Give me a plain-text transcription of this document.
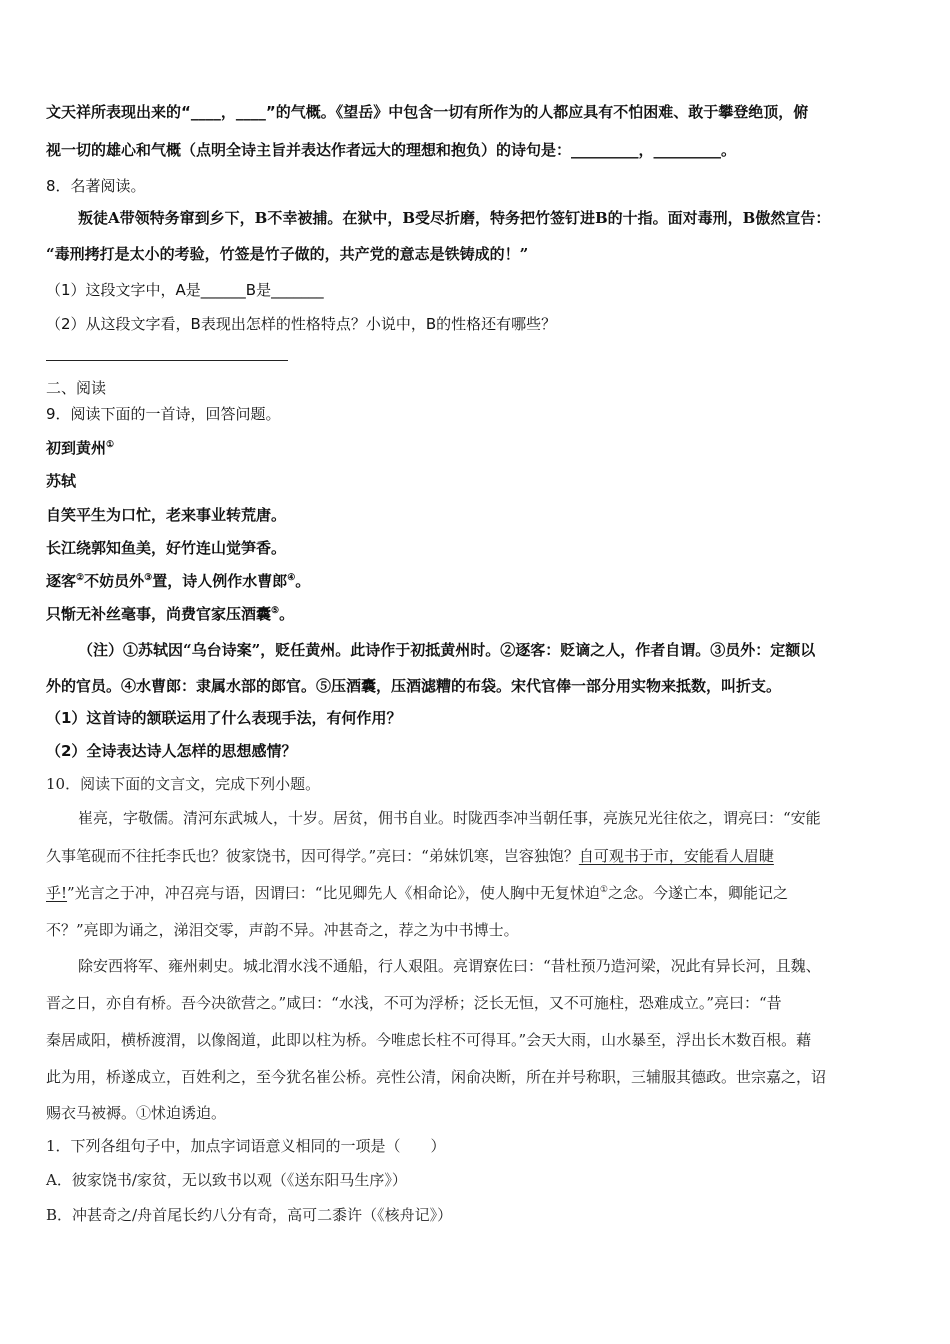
文天祥所表现出来的“____，____”的气概。《望岳》中包含一切有所作为的人都应具有不怕困难、敢于攀登绝顶，俯
视一切的雄心和气概（点明全诗主旨并表达作者远大的理想和抱负）的诗句是：_________，_________。
8．名著阅读。
叛徒A带领特务窜到乡下，B不幸被捕。在狱中，B受尽折磨，特务把竹签钉进B的十指。面对毒刑，B傲然宣告：
“毒刑拷打是太小的考验，竹签是竹子做的，共产党的意志是铁铸成的！”
（1）这段文字中，A是______B是_______
（2）从这段文字看，B表现出怎样的性格特点？小说中，B的性格还有哪些？
二、阅读
9．阅读下面的一首诗，回答问题。
初到黄州①
苏轼
自笑平生为口忙，老来事业转荒唐。
长江绕郭知鱼美，好竹连山觉笋香。
逐客②不妨员外③置，诗人例作水曹郎④。
只惭无补丝毫事，尚费官家压酒囊⑤。
（注）①苏轼因“乌台诗案”，贬任黄州。此诗作于初抵黄州时。②逐客：贬谪之人，作者自谓。③员外：定额以
外的官员。④水曹郎：隶属水部的郎官。⑤压酒囊，压酒滤糟的布袋。宋代官俸一部分用实物来抵数，叫折支。
（1）这首诗的颔联运用了什么表现手法，有何作用？
（2）全诗表达诗人怎样的思想感情？
10．阅读下面的文言文，完成下列小题。
崔亮，字敬儒。清河东武城人，十岁。居贫，佣书自业。时陇西李冲当朝任事，亮族兄光往依之，谓亮曰：“安能
久事笔砚而不往托李氏也？彼家饶书，因可得学。”亮曰：“弟妹饥寒，岂容独饱？自可观书于市，安能看人眉睫
乎!”光言之于冲，冲召亮与语，因谓曰：“比见卿先人《相命论》，使人胸中无复怵迫①之念。今遂亡本，卿能记之
不？”亮即为诵之，涕泪交零，声韵不异。冲甚奇之，荐之为中书博士。
除安西将军、雍州刺史。城北渭水浅不通船，行人艰阻。亮谓寮佐曰：“昔杜预乃造河梁，况此有异长河，且魏、
晋之日，亦自有桥。吾今决欲营之。”咸曰：“水浅，不可为浮桥；泛长无恒，又不可施柱，恐难成立。”亮曰：“昔
秦居咸阳，横桥渡渭，以像阁道，此即以柱为桥。今唯虑长柱不可得耳。”会天大雨，山水暴至，浮出长木数百根。藉
此为用，桥遂成立，百姓利之，至今犹名崔公桥。亮性公清，闲俞决断，所在并号称职，三辅服其德政。世宗嘉之，诏
赐衣马被褥。①怵迫诱迫。
1．下列各组句子中，加点字词语意义相同的一项是（　　）
A．彼家饶书/家贫，无以致书以观（《送东阳马生序》）
B．冲甚奇之/舟首尾长约八分有奇，高可二黍许（《核舟记》）
